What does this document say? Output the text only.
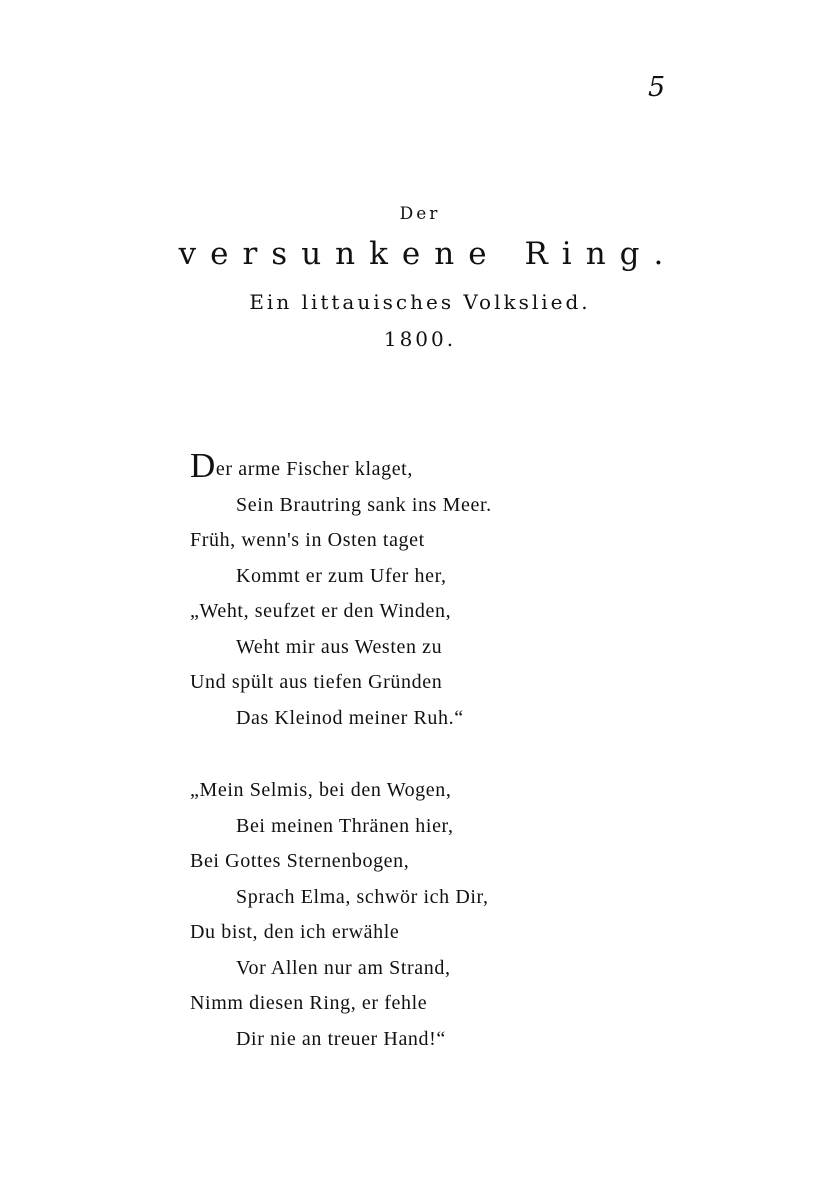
5
Der
versunkene Ring.
Ein littauisches Volkslied.
1800.
Der arme Fischer klaget,
Sein Brautring sank ins Meer.
Früh, wenn's in Osten taget
Kommt er zum Ufer her,
„Weht, seufzet er den Winden,
Weht mir aus Westen zu
Und spült aus tiefen Gründen
Das Kleinod meiner Ruh.“
„Mein Selmis, bei den Wogen,
Bei meinen Thränen hier,
Bei Gottes Sternenbogen,
Sprach Elma, schwör ich Dir,
Du bist, den ich erwähle
Vor Allen nur am Strand,
Nimm diesen Ring, er fehle
Dir nie an treuer Hand!“
